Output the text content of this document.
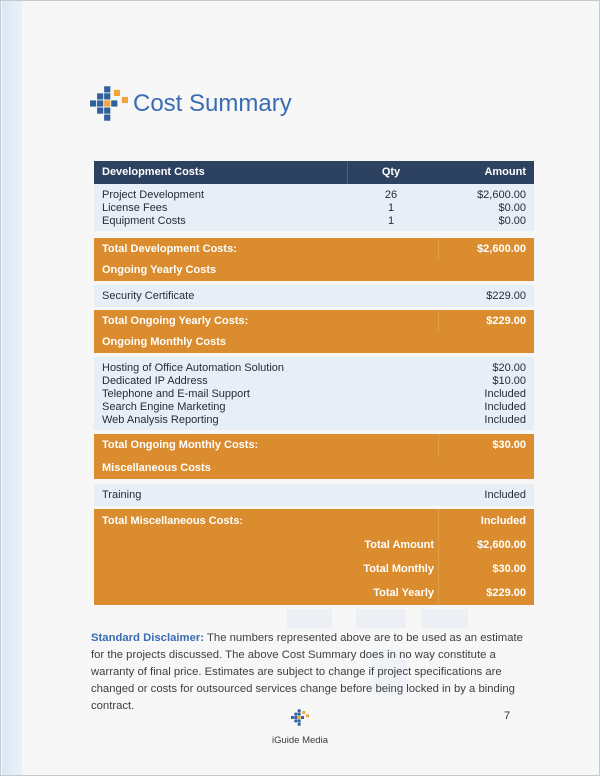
Cost Summary
Development Costs	Qty	Amount
Project Development	26	$2,600.00
License Fees	1	$0.00
Equipment Costs	1	$0.00
Total Development Costs:	$2,600.00
Ongoing Yearly Costs
Security Certificate	$229.00
Total Ongoing Yearly Costs:	$229.00
Ongoing Monthly Costs
Hosting of Office Automation Solution	$20.00
Dedicated IP Address	$10.00
Telephone and E-mail Support	Included
Search Engine Marketing	Included
Web Analysis Reporting	Included
Total Ongoing Monthly Costs:	$30.00
Miscellaneous Costs
Training	Included
Total Miscellaneous Costs:	Included
Total Amount	$2,600.00
Total Monthly	$30.00
Total Yearly	$229.00
Standard Disclaimer: The numbers represented above are to be used as an estimate for the projects discussed. The above Cost Summary does in no way constitute a warranty of final price. Estimates are subject to change if project specifications are changed or costs for outsourced services change before being locked in by a binding contract.
iGuide Media
7
